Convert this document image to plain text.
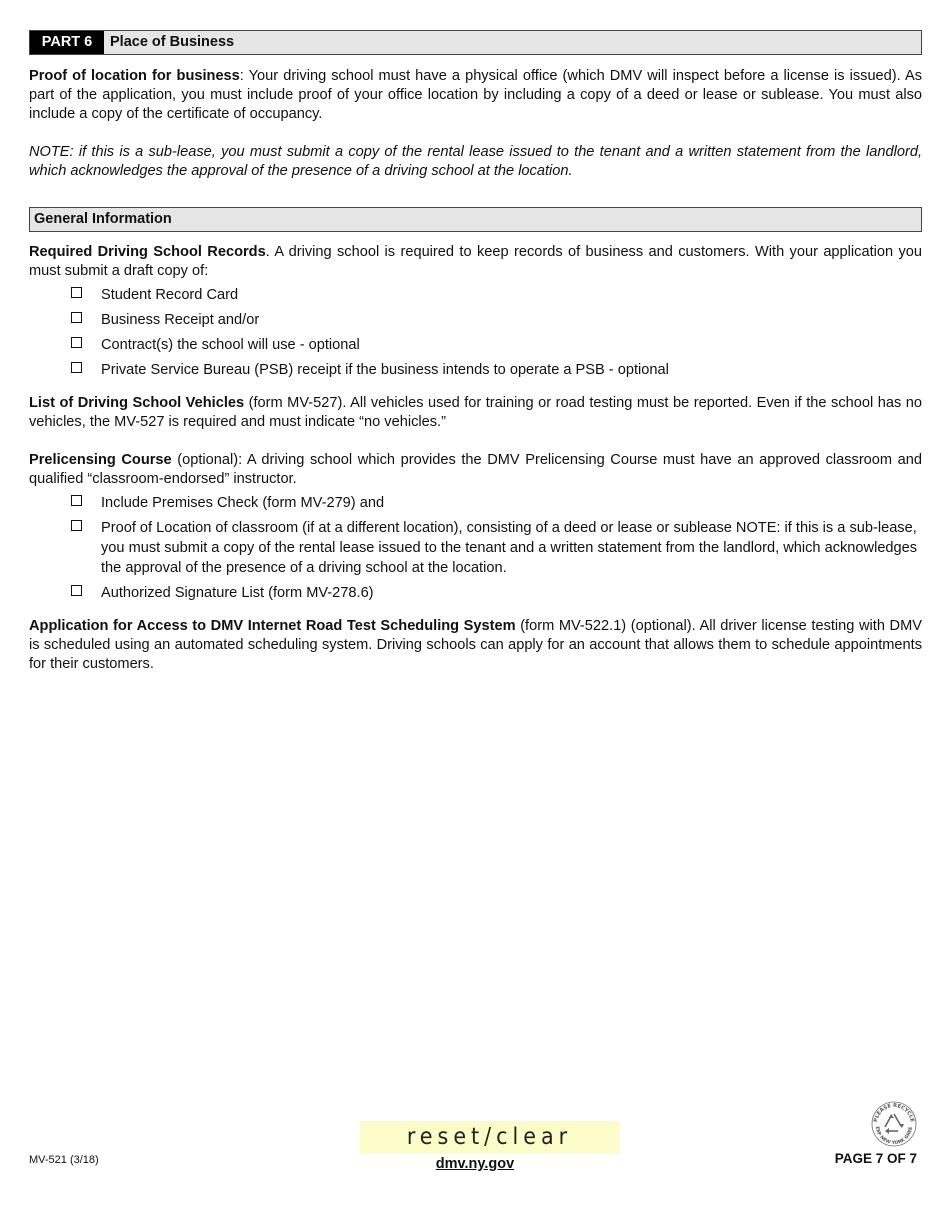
PART 6	Place of Business

Proof of location for business: Your driving school must have a physical office (which DMV will inspect before a license is issued). As part of the application, you must include proof of your office location by including a copy of a deed or lease or sublease. You must also include a copy of the certificate of occupancy.

NOTE: if this is a sub-lease, you must submit a copy of the rental lease issued to the tenant and a written statement from the landlord, which acknowledges the approval of the presence of a driving school at the location.

General Information

Required Driving School Records. A driving school is required to keep records of business and customers. With your application you must submit a draft copy of:

Student Record Card
Business Receipt and/or
Contract(s) the school will use - optional
Private Service Bureau (PSB) receipt if the business intends to operate a PSB - optional

List of Driving School Vehicles (form MV-527). All vehicles used for training or road testing must be reported. Even if the school has no vehicles, the MV-527 is required and must indicate “no vehicles.”

Prelicensing Course (optional): A driving school which provides the DMV Prelicensing Course must have an approved classroom and qualified “classroom-endorsed” instructor.

Include Premises Check (form MV-279) and
Proof of Location of classroom (if at a different location), consisting of a deed or lease or sublease NOTE: if this is a sub-lease, you must submit a copy of the rental lease issued to the tenant and a written statement from the landlord, which acknowledges the approval of the presence of a driving school at the location.
Authorized Signature List (form MV-278.6)

Application for Access to DMV Internet Road Test Scheduling System (form MV-522.1) (optional). All driver license testing with DMV is scheduled using an automated scheduling system. Driving schools can apply for an account that allows them to schedule appointments for their customers.

MV-521 (3/18)
reset/clear
dmv.ny.gov	PAGE 7 OF 7
PLEASE RECYCLE
EEP NEW YORK GREE
